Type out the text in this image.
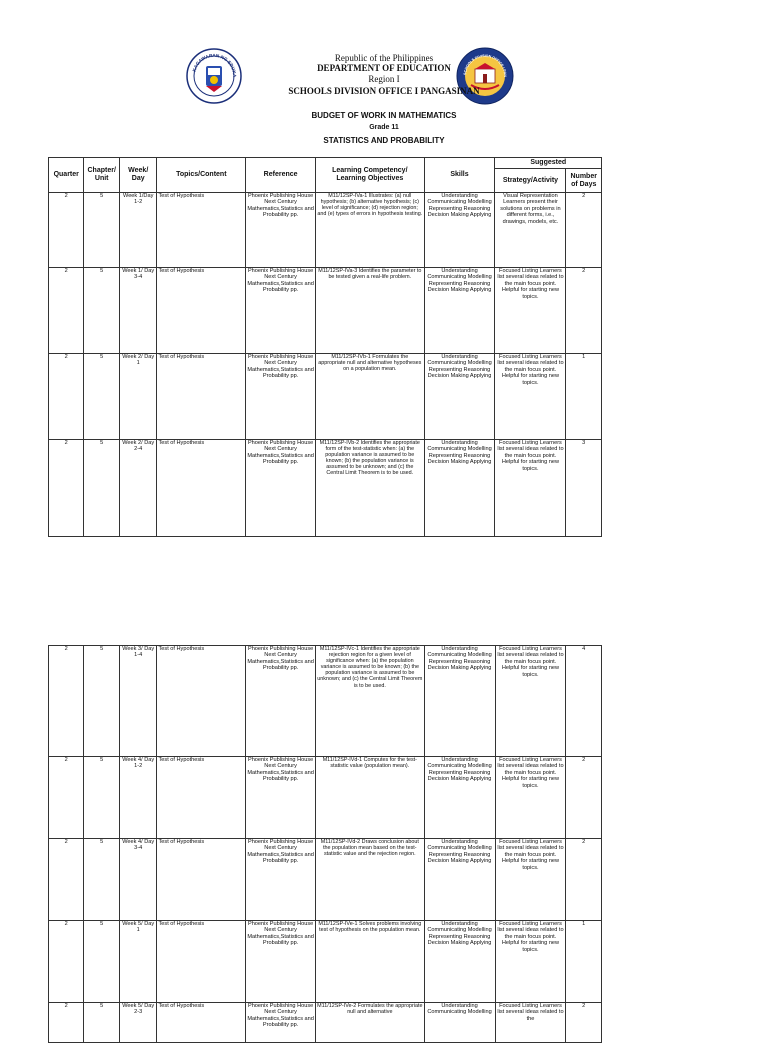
KAGAWARAN NG EDUKA
SCHOOLS DIVISION OFFICE I PAN
Republic of the Philippines
DEPARTMENT OF EDUCATION
Region I
SCHOOLS DIVISION OFFICE I PANGASINAN
BUDGET OF WORK IN MATHEMATICS
Grade 11
STATISTICS AND PROBABILITY
Quarter	Chapter/ Unit	Week/ Day	Topics/Content	Reference	Learning Competency/ Learning Objectives	Skills	Suggested	
							Strategy/Activity	Number of Days
2	5	Week 1/Day 1-2	Test of Hypothesis	Phoenix Publishing House Next Century Mathematics,Statistics and Probability pp.	M11/12SP-IVa-1 Illustrates: (a) null hypothesis; (b) alternative hypothesis; (c) level of significance; (d) rejection region; and (e) types of errors in hypothesis testing.	Understanding Communicating Modelling Representing Reasoning Decision Making Applying	Visual Representation Learners present their solutions on problems in different forms, i.e., drawings, models, etc.	2
2	5	Week 1/ Day 3-4	Test of Hypothesis	Phoenix Publishing House Next Century Mathematics,Statistics and Probability pp.	M11/12SP-IVa-3 Identifies the parameter to be tested given a real-life problem.	Understanding Communicating Modelling Representing Reasoning Decision Making Applying	Focused Listing Learners list several ideas related to the main focus point. Helpful for starting new topics.	2
2	5	Week 2/ Day 1	Test of Hypothesis	Phoenix Publishing House Next Century Mathematics,Statistics and Probability pp.	M11/12SP-IVb-1 Formulates the appropriate null and alternative hypotheses on a population mean.	Understanding Communicating Modelling Representing Reasoning Decision Making Applying	Focused Listing Learners list several ideas related to the main focus point. Helpful for starting new topics.	1
2	5	Week 2/ Day 2-4	Test of Hypothesis	Phoenix Publishing House Next Century Mathematics,Statistics and Probability pp.	M11/12SP-IVb-2 Identifies the appropriate form of the test-statistic when: (a) the population variance is assumed to be known; (b) the population variance is assumed to be unknown; and (c) the Central Limit Theorem is to be used.	Understanding Communicating Modelling Representing Reasoning Decision Making Applying	Focused Listing Learners list several ideas related to the main focus point. Helpful for starting new topics.	3
2	5	Week 3/ Day 1-4	Test of Hypothesis	Phoenix Publishing House Next Century Mathematics,Statistics and Probability pp.	M11/12SP-IVc-1 Identifies the appropriate rejection region for a given level of significance when: (a) the population variance is assumed to be known; (b) the population variance is assumed to be unknown; and (c) the Central Limit Theorem is to be used.	Understanding Communicating Modelling Representing Reasoning Decision Making Applying	Focused Listing Learners list several ideas related to the main focus point. Helpful for starting new topics.	4
2	5	Week 4/ Day 1-2	Test of Hypothesis	Phoenix Publishing House Next Century Mathematics,Statistics and Probability pp.	M11/12SP-IVd-1 Computes for the test-statistic value (population mean).	Understanding Communicating Modelling Representing Reasoning Decision Making Applying	Focused Listing Learners list several ideas related to the main focus point. Helpful for starting new topics.	2
2	5	Week 4/ Day 3-4	Test of Hypothesis	Phoenix Publishing House Next Century Mathematics,Statistics and Probability pp.	M11/12SP-IVd-2 Draws conclusion about the population mean based on the test-statistic value and the rejection region.	Understanding Communicating Modelling Representing Reasoning Decision Making Applying	Focused Listing Learners list several ideas related to the main focus point. Helpful for starting new topics.	2
2	5	Week 5/ Day 1	Test of Hypothesis	Phoenix Publishing House Next Century Mathematics,Statistics and Probability pp.	M11/12SP-IVe-1 Solves problems involving test of hypothesis on the population mean.	Understanding Communicating Modelling Representing Reasoning Decision Making Applying	Focused Listing Learners list several ideas related to the main focus point. Helpful for starting new topics.	1
2	5	Week 5/ Day 2-3	Test of Hypothesis	Phoenix Publishing House Next Century Mathematics,Statistics and Probability pp.	M11/12SP-IVe-2 Formulates the appropriate null and alternative	Understanding Communicating Modelling	Focused Listing Learners list several ideas related to the	2
